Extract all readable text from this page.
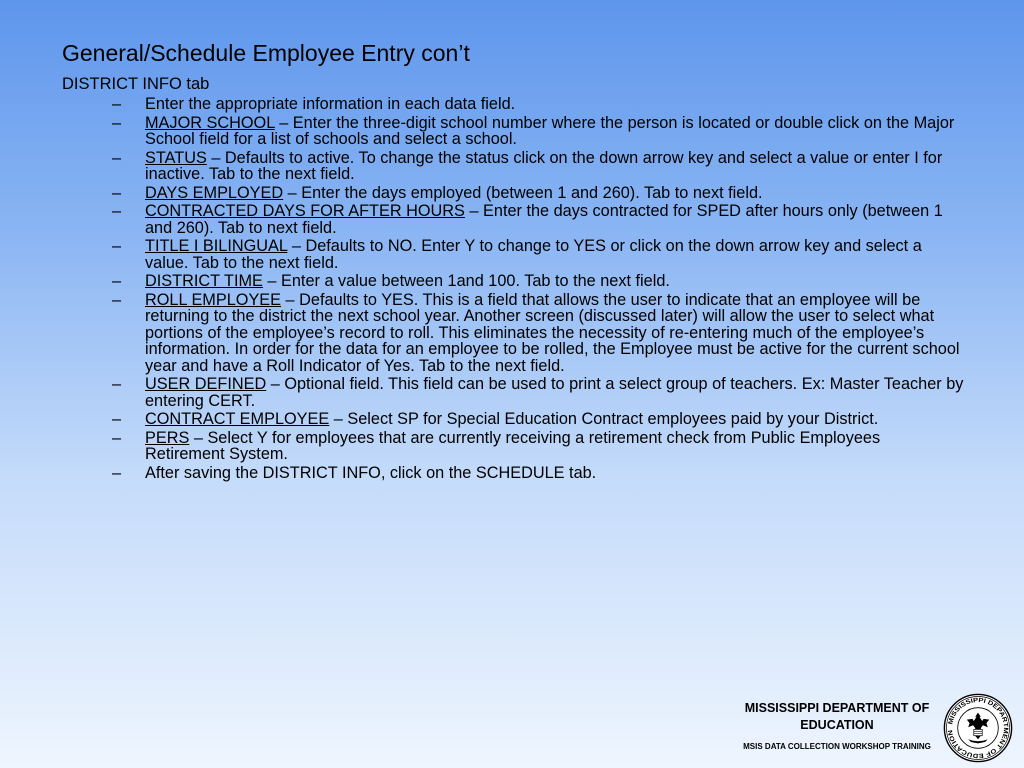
General/Schedule Employee Entry con’t

DISTRICT INFO tab

– Enter the appropriate information in each data field.
– MAJOR SCHOOL – Enter the three-digit school number where the person is located or double click on the Major School field for a list of schools and select a school.
– STATUS – Defaults to active. To change the status click on the down arrow key and select a value or enter I for inactive. Tab to the next field.
– DAYS EMPLOYED – Enter the days employed (between 1 and 260). Tab to next field.
– CONTRACTED DAYS FOR AFTER HOURS – Enter the days contracted for SPED after hours only (between 1 and 260). Tab to next field.
– TITLE I BILINGUAL – Defaults to NO. Enter Y to change to YES or click on the down arrow key and select a value. Tab to the next field.
– DISTRICT TIME – Enter a value between 1and 100. Tab to the next field.
– ROLL EMPLOYEE – Defaults to YES. This is a field that allows the user to indicate that an employee will be returning to the district the next school year. Another screen (discussed later) will allow the user to select what portions of the employee’s record to roll. This eliminates the necessity of re-entering much of the employee’s information. In order for the data for an employee to be rolled, the Employee must be active for the current school year and have a Roll Indicator of Yes. Tab to the next field.
– USER DEFINED – Optional field. This field can be used to print a select group of teachers. Ex: Master Teacher by entering CERT.
– CONTRACT EMPLOYEE – Select SP for Special Education Contract employees paid by your District.
– PERS – Select Y for employees that are currently receiving a retirement check from Public Employees Retirement System.
– After saving the DISTRICT INFO, click on the SCHEDULE tab.
MISSISSIPPI DEPARTMENT OF EDUCATION
MSIS DATA COLLECTION WORKSHOP TRAINING
MISSISSIPPI DEPARTMENT OF EDUCATION
